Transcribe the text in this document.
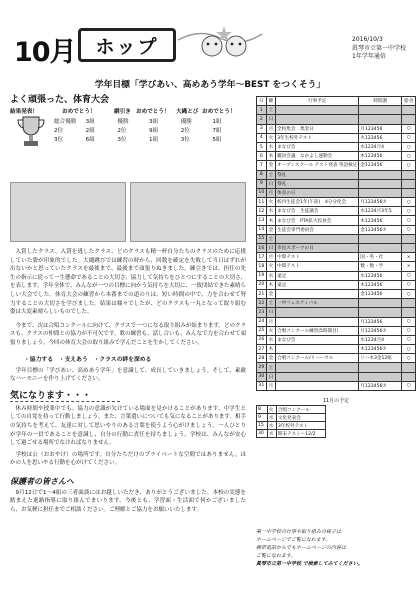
10月 ホ ッ プ	2016/10/3
眞琴市立第一中学校
1年学年通信
学年目標「学びあい、高めあう学年〜BEST をつくそう」
よく頑張った、体育大会
☆
結果発表！	おめでとう！	網引き おめでとう！ 大縄とび おめでとう！
総合優勝	3組	優勝	3組	優勝	1組
2位	2組	2位	9組	2位	7組
3位	6組	3位	1組	3位	5組

入賞したクラス、入賞を逃したクラス、どのクラスも精一杯自分たちのクラスのために応援していた姿が印象的でした。大縄跳びでは練習の時から、回数を確定を失敗して当日はずれが出ないかと思っていたクラスを最後まで、最後まで頑張りぬきました。練引きでは、担任の先生の指示に従って一生懸命であることの大切さ、協力して気持ちをひとつにすることの大切さ、を表します。学年全体で、みんなが一つの目標に向かう気持ちを大切に、一致団結できた素晴らしい大会でした。体育大会の練習から本番までの道のりは、短い時間の中で、力を合わせて努力することの大切さを学びました。結果は様々でしたが、どのクラスも一丸となって取り組む姿は大変素晴らしいものでした。

今まで、次は合唱コンクールに向けて、クラスで一つになる取り組みが始まります。どのクラスも、クラスの仲間との協力が不可欠です。歌の練習も、話し合いも、みんなで力を合わせて頑張りましょう。今回の体育大会の取り組みで学んだことを生かしてください。

・協力する　・支えあう　・クラスの絆を深める

学年目標の「学びあい、高めあう学年」を意識して、成長していきましょう。そして、素敵なハーモニーを作り上げてください。

気になります・・・

休み時間や授業中でも、協力の意識が欠けている場面を見かけることがあります。中学生としての自覚を持って行動しましょう。また、言葉遣いについても気になることがあります。相手の気持ちを考えて、友達に対して思いやりのある言葉を使うよう心がけましょう。一人ひとりが学年の一員であることを意識し、自分の行動に責任を持ちましょう。学校は、みんなが安心して過ごせる場所でなければなりません。

学校は公（おおやけ）の場所です。自分たちだけのプライベートな空間ではありません。ほかの人を思いやる行動を心がけてください。

保護者の皆さんへ

9月12日で1〜4組の三者面談にはお越しいただき、ありがとうございました。本校の実態を踏まえた進路指導に取り組んでまいります。今後とも、学習面・生活面で何かございましたら、お気軽に担任までご相談ください。ご理解とご協力をお願いいたします。

日	曜	行事予定	時間割	給食
1	土			
2	日			
3	月	全校集会　集金日	月123456	○
4	火	3年生校外テスト	火123456	○
5	水	まなび会	水1234月4	○
6	木	職員会議　なかよし運動会	木123456	○
7	金	オープンスクール テスト発表 英語検定	金123456	○
8	土	祭礼		
9	日	祭礼		
10	月	体育の日		
11	火	校内生徒会1年(午前)　4分分化会	月123456⑦	○
12	水	まなび会　生徒議会	水1234月3年5	○
13	木	まなび会　PTA拡大役員会	木123456	○
14	金	生徒会専門委員会	金123456⑦	○
15	土			
16	日	市民スポーツの日		
17	月	中間テスト	国・英・社	×
18	火	中間テスト	数・数・学	×
19	水	遠足	水123456	○
20	木	遠足	木123456	○
21	金		金123456	○
22	土	一中フェスティバル		
23	日			
24	月		月123456	○
25	火	合唱コンクール練習(5時間目)	月123456⑦	○
26	水	まなび会	水1234月4	○
27	木		木123456⑦	○
28	金	合唱コンクール/リハーサル	リハ木3金12組	○
29	土			
30	日			
31	月		月123456⑦	○
11月の予定
8	火	合唱コンクール
9	水	文化発表会
15	水	3年校外テスト
30	水	期末テスト〜12/2
第一中学校の行事や取り組みの様子は
ホームページでご覧になれます。
携帯電話からでもホームページの内容は
ご覧になれます。
眞琴市立第一中学校 で検索してみてください。
